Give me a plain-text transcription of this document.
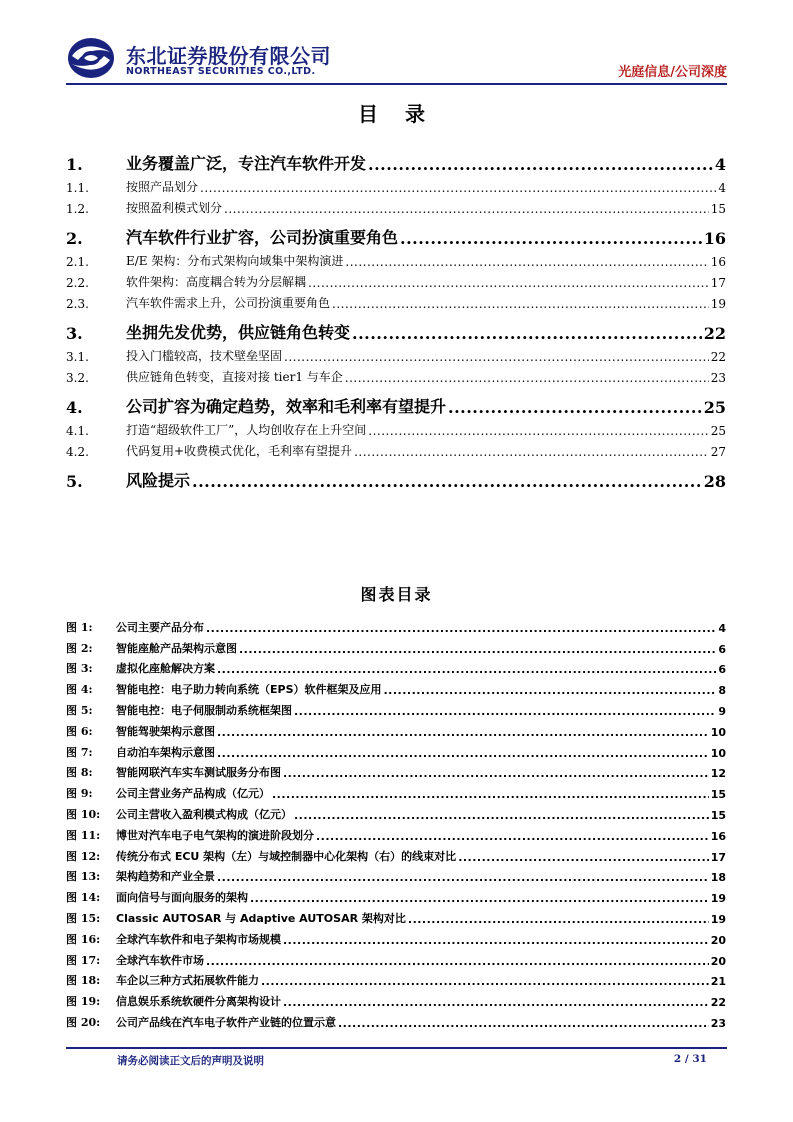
东北证券股份有限公司
NORTHEAST SECURITIES CO.,LTD.	光庭信息/公司深度
目 录
1.	业务覆盖广泛，专注汽车软件开发 .....	4
1.1.	按照产品划分 .....	4
1.2.	按照盈利模式划分 .....	15
2.	汽车软件行业扩容，公司扮演重要角色 .....	16
2.1.	E/E 架构：分布式架构向域集中架构演进 .....	16
2.2.	软件架构：高度耦合转为分层解耦 .....	17
2.3.	汽车软件需求上升，公司扮演重要角色 .....	19
3.	坐拥先发优势，供应链角色转变 .....	22
3.1.	投入门槛较高，技术壁垒坚固 .....	22
3.2.	供应链角色转变，直接对接 tier1 与车企 .....	23
4.	公司扩容为确定趋势，效率和毛利率有望提升 .....	25
4.1.	打造“超级软件工厂”，人均创收存在上升空间 .....	25
4.2.	代码复用+收费模式优化，毛利率有望提升 .....	27
5.	风险提示 .....	28
图表目录
图 1:	公司主要产品分布 .....	4
图 2:	智能座舱产品架构示意图 .....	6
图 3:	虚拟化座舱解决方案 .....	6
图 4:	智能电控：电子助力转向系统（EPS）软件框架及应用 .....	8
图 5:	智能电控：电子伺服制动系统框架图 .....	9
图 6:	智能驾驶架构示意图 .....	10
图 7:	自动泊车架构示意图 .....	10
图 8:	智能网联汽车实车测试服务分布图 .....	12
图 9:	公司主营业务产品构成（亿元） .....	15
图 10:	公司主营收入盈利模式构成（亿元） .....	15
图 11:	博世对汽车电子电气架构的演进阶段划分 .....	16
图 12:	传统分布式 ECU 架构（左）与域控制器中心化架构（右）的线束对比 .....	17
图 13:	架构趋势和产业全景 .....	18
图 14:	面向信号与面向服务的架构 .....	19
图 15:	Classic AUTOSAR 与 Adaptive AUTOSAR 架构对比 .....	19
图 16:	全球汽车软件和电子架构市场规模 .....	20
图 17:	全球汽车软件市场 .....	20
图 18:	车企以三种方式拓展软件能力 .....	21
图 19:	信息娱乐系统软硬件分离架构设计 .....	22
图 20:	公司产品线在汽车电子软件产业链的位置示意 .....	23
请务必阅读正文后的声明及说明	2 / 31
